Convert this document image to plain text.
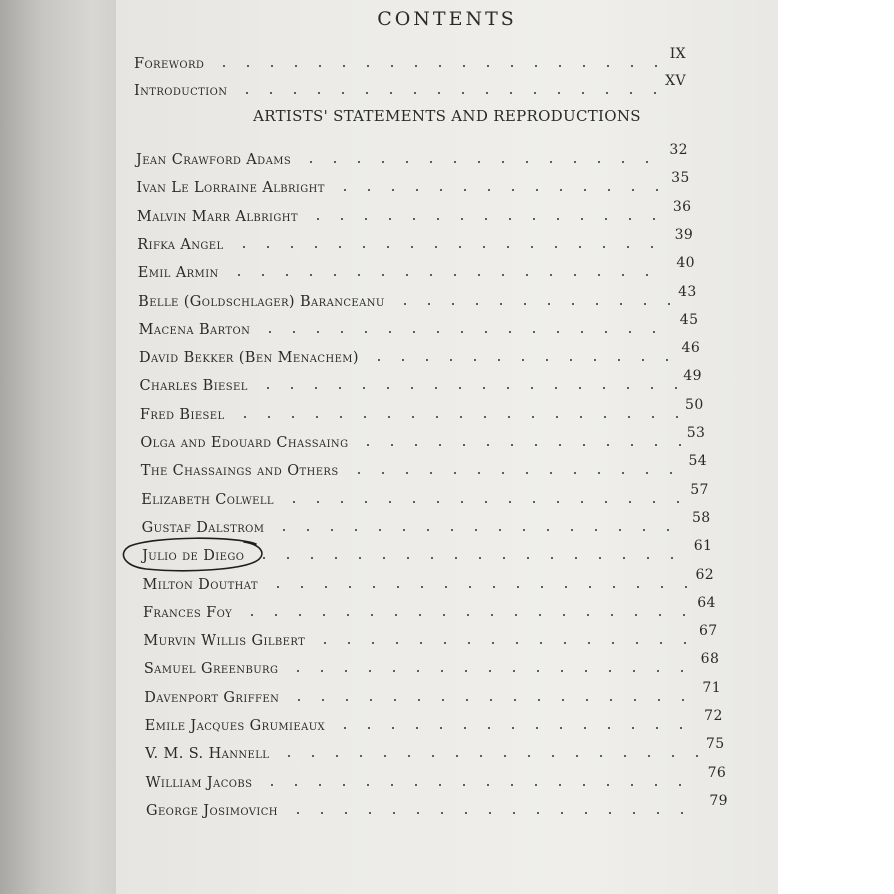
CONTENTS
Foreword
IX
Introduction
XV
ARTISTS' STATEMENTS AND REPRODUCTIONS
Jean Crawford Adams
32
Ivan Le Lorraine Albright
35
Malvin Marr Albright
36
Rifka Angel
39
Emil Armin
40
Belle (Goldschlager) Baranceanu
43
Macena Barton
45
David Bekker (Ben Menachem)
46
Charles Biesel
49
Fred Biesel
50
Olga and Edouard Chassaing
53
The Chassaings and Others
54
Elizabeth Colwell
57
Gustaf Dalstrom
58
Julio de Diego
61
Milton Douthat
62
Frances Foy
64
Murvin Willis Gilbert
67
Samuel Greenburg
68
Davenport Griffen
71
Emile Jacques Grumieaux
72
V. M. S. Hannell
75
William Jacobs
76
George Josimovich
79
